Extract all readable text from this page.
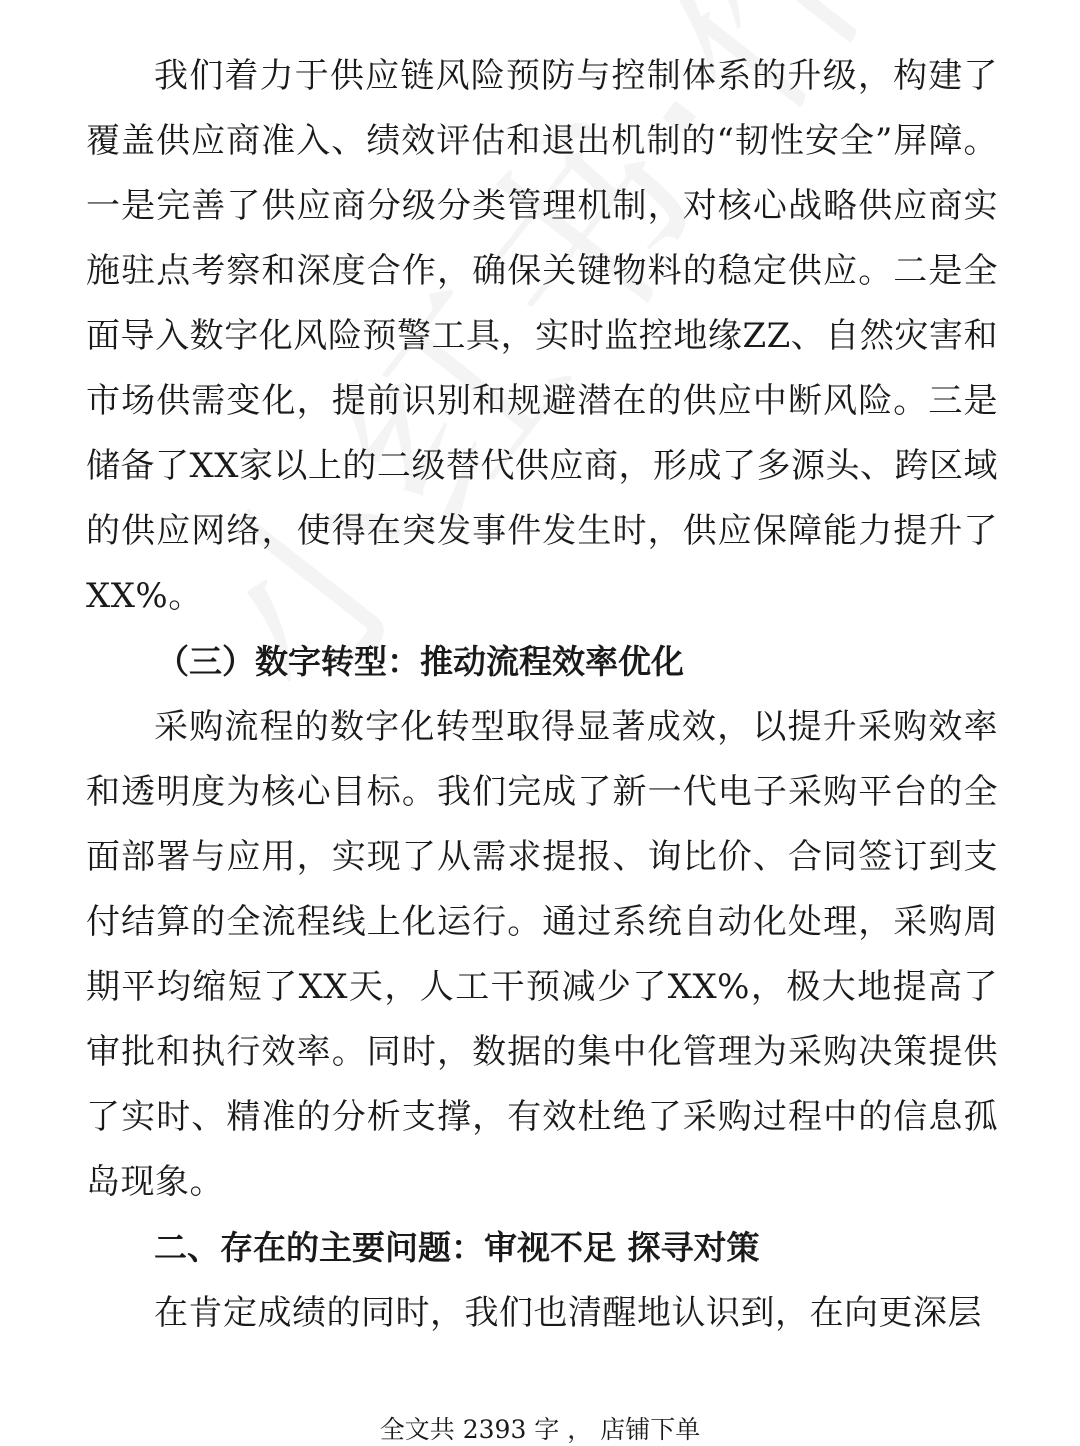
我们着力于供应链风险预防与控制体系的升级，构建了覆盖供应商准入、绩效评估和退出机制的“韧性安全”屏障。一是完善了供应商分级分类管理机制，对核心战略供应商实施驻点考察和深度合作，确保关键物料的稳定供应。二是全面导入数字化风险预警工具，实时监控地缘ZZ、自然灾害和市场供需变化，提前识别和规避潜在的供应中断风险。三是储备了XX家以上的二级替代供应商，形成了多源头、跨区域的供应网络，使得在突发事件发生时，供应保障能力提升了XX%。

（三）数字转型：推动流程效率优化

采购流程的数字化转型取得显著成效，以提升采购效率和透明度为核心目标。我们完成了新一代电子采购平台的全面部署与应用，实现了从需求提报、询比价、合同签订到支付结算的全流程线上化运行。通过系统自动化处理，采购周期平均缩短了XX天，人工干预减少了XX%，极大地提高了审批和执行效率。同时，数据的集中化管理为采购决策提供了实时、精准的分析支撑，有效杜绝了采购过程中的信息孤岛现象。

二、存在的主要问题：审视不足 探寻对策

在肯定成绩的同时，我们也清醒地认识到，在向更深层

全文共 2393 字 ， 店铺下单
